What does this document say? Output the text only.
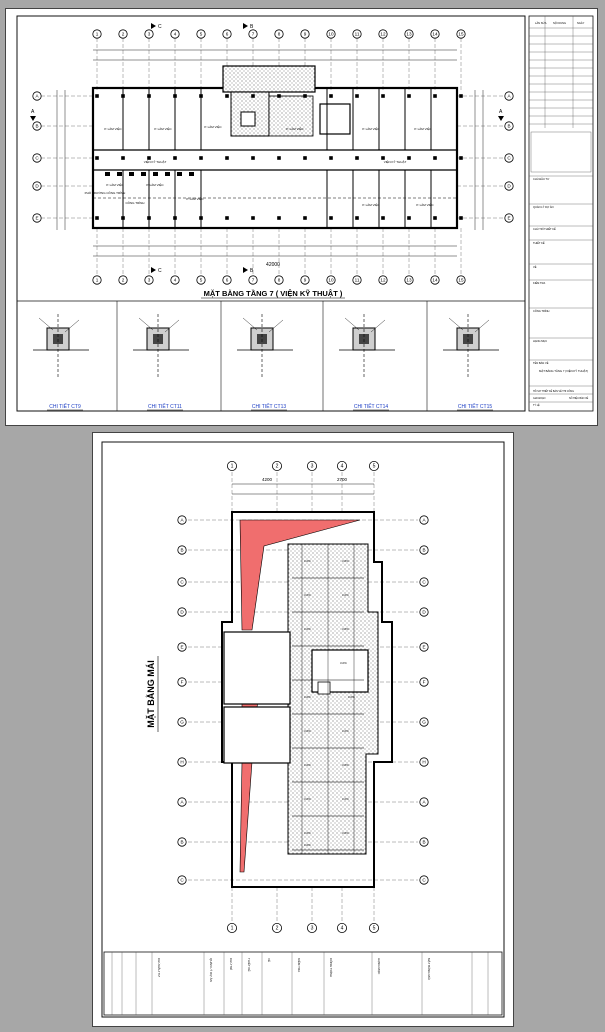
1	2	3	4	5	6	7	8	9	10	11	12	13	14	15
1	2	3	4	5	6	7	8	9	10	11	12	13	14	15
A	A
B	B
C	C
D	D
E	E
42000
P. LÀM VIỆC	P. LÀM VIỆC	P. LÀM VIỆC	P. LÀM VIỆC	P. LÀM VIỆC	P. LÀM VIỆC
VIỆN KỸ THUẬT	VIỆN KỸ THUẬT
P. LÀM VIỆC	P. LÀM VIỆC
P. LÀM VIỆC	P. LÀM VIỆC
PHÓ TRƯỞNG CÔNG TRÌNH
P. LÀM VIỆC
CÔNG TRÌNH
C	B
C	B
A	A
MẶT BẰNG TẦNG 7 ( VIỆN KỸ THUẬT )
CHI TIẾT CT9	CHI TIẾT CT11	CHI TIẾT CT13	CHI TIẾT CT14	CHI TIẾT CT15
LẦN SỬA	NỘI DUNG	NGÀY
CHỦ ĐẦU TƯ
QUẢN LÝ DỰ ÁN
CHỦ TRÌ THIẾT KẾ
THIẾT KẾ
VẼ
KIỂM TRA
CÔNG TRÌNH
HẠNG MỤC
TÊN BẢN VẼ
MẶT BẰNG TẦNG 7 (VIỆN KỸ THUẬT)
HỒ SƠ THIẾT KẾ BẢN VẼ THI CÔNG
GIAI ĐOẠN	SỐ HIỆU BẢN VẼ
TỶ LỆ
1
1
2
2
3
3
4
4
5
5
A	A
B	B
C	C
D	D
E	E
F	F
G	G
H	H
A	A
B	B
C	C
4200	2700
i=2%	i=2%
i=2%	i=2%
i=2%	i=2%
i=2%
i=2%	i=2%
i=2%	i=2%
i=2%	i=2%
i=2%	i=2%
i=2%	i=2%
i=2%
MẶT BẰNG MÁI
CHỦ ĐẦU TƯ	QUẢN LÝ DỰ ÁN	CHỦ TRÌ	THIẾT KẾ	VẼ	KIỂM TRA	CÔNG TRÌNH	HẠNG MỤC	MẶT BẰNG MÁI
